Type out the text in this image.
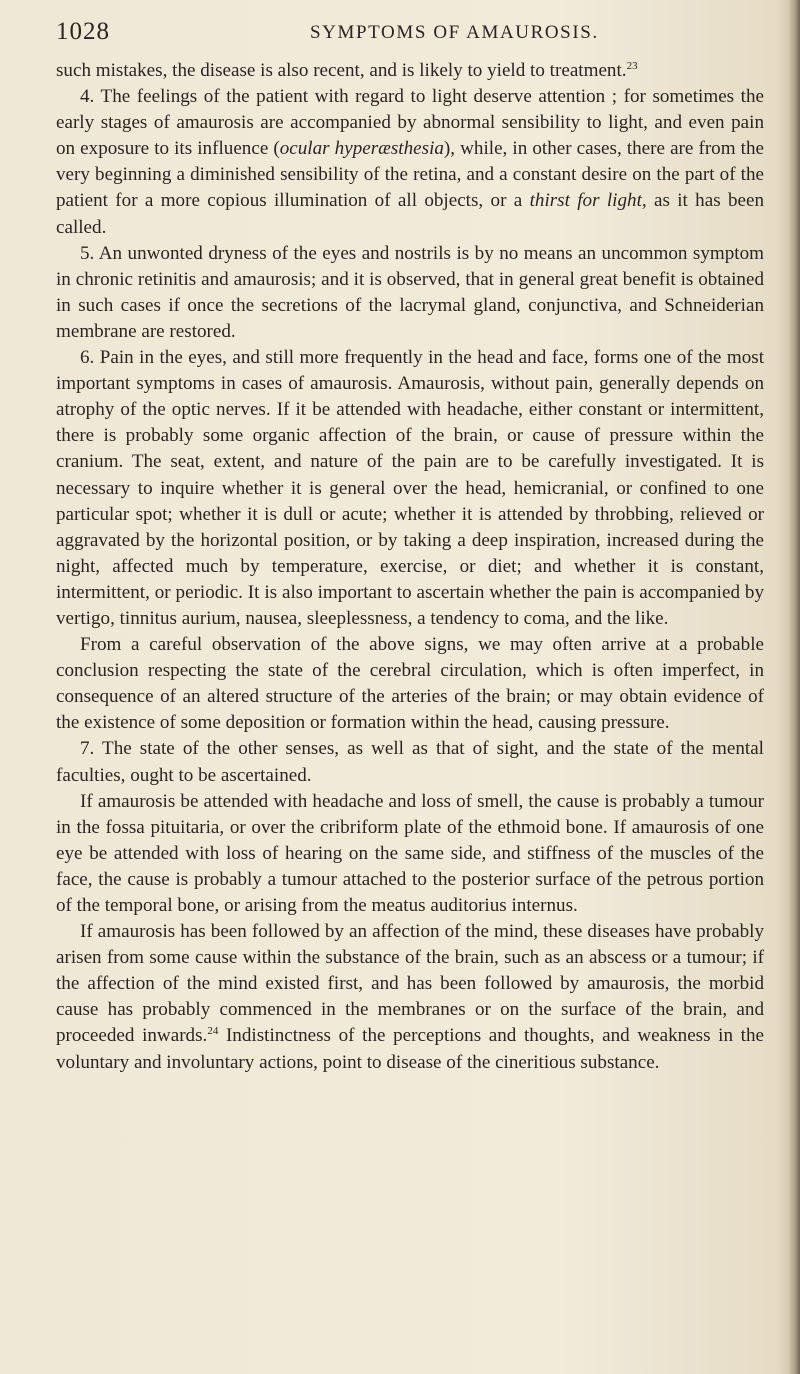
1028	SYMPTOMS OF AMAUROSIS.

such mistakes, the disease is also recent, and is likely to yield to treatment.$^{23}$

4. The feelings of the patient with regard to light deserve attention ; for sometimes the early stages of amaurosis are accompanied by abnormal sensibility to light, and even pain on exposure to its influence (ocular hyperæsthesia), while, in other cases, there are from the very beginning a diminished sensibility of the retina, and a constant desire on the part of the patient for a more copious illumination of all objects, or a thirst for light, as it has been called.

5. An unwonted dryness of the eyes and nostrils is by no means an uncommon symptom in chronic retinitis and amaurosis; and it is observed, that in general great benefit is obtained in such cases if once the secretions of the lacrymal gland, conjunctiva, and Schneiderian membrane are restored.

6. Pain in the eyes, and still more frequently in the head and face, forms one of the most important symptoms in cases of amaurosis. Amaurosis, without pain, generally depends on atrophy of the optic nerves. If it be attended with headache, either constant or intermittent, there is probably some organic affection of the brain, or cause of pressure within the cranium. The seat, extent, and nature of the pain are to be carefully investigated. It is necessary to inquire whether it is general over the head, hemicranial, or confined to one particular spot; whether it is dull or acute; whether it is attended by throbbing, relieved or aggravated by the horizontal position, or by taking a deep inspiration, increased during the night, affected much by temperature, exercise, or diet; and whether it is constant, intermittent, or periodic. It is also important to ascertain whether the pain is accompanied by vertigo, tinnitus aurium, nausea, sleeplessness, a tendency to coma, and the like.

From a careful observation of the above signs, we may often arrive at a probable conclusion respecting the state of the cerebral circulation, which is often imperfect, in consequence of an altered structure of the arteries of the brain; or may obtain evidence of the existence of some deposition or formation within the head, causing pressure.

7. The state of the other senses, as well as that of sight, and the state of the mental faculties, ought to be ascertained.

If amaurosis be attended with headache and loss of smell, the cause is probably a tumour in the fossa pituitaria, or over the cribriform plate of the ethmoid bone. If amaurosis of one eye be attended with loss of hearing on the same side, and stiffness of the muscles of the face, the cause is probably a tumour attached to the posterior surface of the petrous portion of the temporal bone, or arising from the meatus auditorius internus.

If amaurosis has been followed by an affection of the mind, these diseases have probably arisen from some cause within the substance of the brain, such as an abscess or a tumour; if the affection of the mind existed first, and has been followed by amaurosis, the morbid cause has probably commenced in the membranes or on the surface of the brain, and proceeded inwards.$^{24}$ Indistinctness of the perceptions and thoughts, and weakness in the voluntary and involuntary actions, point to disease of the cineritious substance.
